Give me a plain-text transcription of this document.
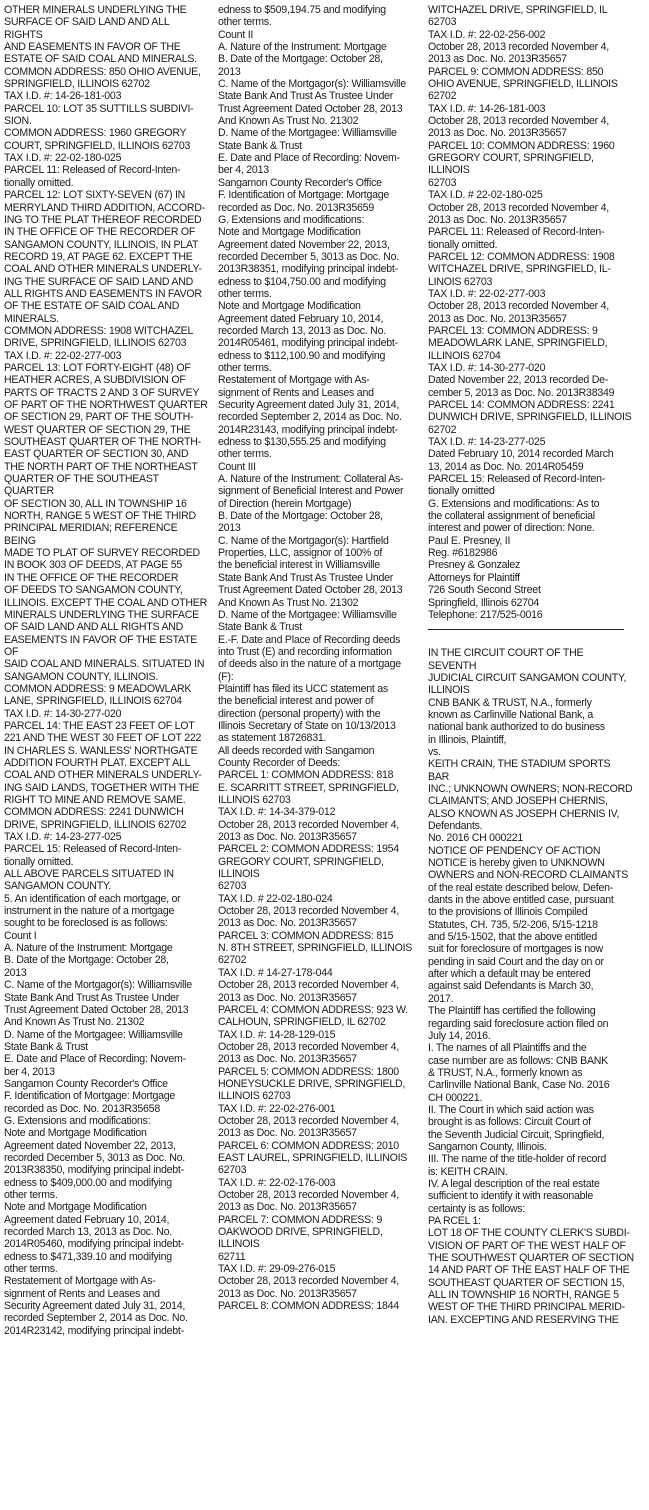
OTHER MINERALS UNDERLYING THE

SURFACE OF SAID LAND AND ALL RIGHTS

AND EASEMENTS IN FAVOR OF THE

ESTATE OF SAID COAL AND MINERALS.

COMMON ADDRESS: 850 OHIO AVENUE,

SPRINGFIELD, ILLINOIS 62702

TAX I.D. #: 14-26-181-003

PARCEL 10: LOT 35 SUTTILLS SUBDIVI-

SION.

COMMON ADDRESS: 1960 GREGORY

COURT, SPRINGFIELD, ILLINOIS 62703

TAX I.D. #: 22-02-180-025

PARCEL 11: Released of Record-Inten-

tionally omitted.

PARCEL 12: LOT SIXTY-SEVEN (67) IN

MERRYLAND THIRD ADDITION, ACCORD-

ING TO THE PLAT THEREOF RECORDED

IN THE OFFICE OF THE RECORDER OF

SANGAMON COUNTY, ILLINOIS, IN PLAT

RECORD 19, AT PAGE 62. EXCEPT THE

COAL AND OTHER MINERALS UNDERLY-

ING THE SURFACE OF SAID LAND AND

ALL RIGHTS AND EASEMENTS IN FAVOR

OF THE ESTATE OF SAID COAL AND

MINERALS.

COMMON ADDRESS: 1908 WITCHAZEL

DRIVE, SPRINGFIELD, ILLINOIS 62703

TAX I.D. #: 22-02-277-003

PARCEL 13: LOT FORTY-EIGHT (48) OF

HEATHER ACRES, A SUBDIVISION OF

PARTS OF TRACTS 2 AND 3 OF SURVEY

OF PART OF THE NORTHWEST QUARTER

OF SECTION 29, PART OF THE SOUTH-

WEST QUARTER OF SECTION 29, THE

SOUTHEAST QUARTER OF THE NORTH-

EAST QUARTER OF SECTION 30, AND

THE NORTH PART OF THE NORTHEAST

QUARTER OF THE SOUTHEAST QUARTER

OF SECTION 30, ALL IN TOWNSHIP 16

NORTH, RANGE 5 WEST OF THE THIRD

PRINCIPAL MERIDIAN; REFERENCE BEING

MADE TO PLAT OF SURVEY RECORDED

IN BOOK 303 OF DEEDS, AT PAGE 55

IN THE OFFICE OF THE RECORDER

OF DEEDS TO SANGAMON COUNTY,

ILLINOIS. EXCEPT THE COAL AND OTHER

MINERALS UNDERLYING THE SURFACE

OF SAID LAND AND ALL RIGHTS AND

EASEMENTS IN FAVOR OF THE ESTATE OF

SAID COAL AND MINERALS. SITUATED IN

SANGAMON COUNTY, ILLINOIS.

COMMON ADDRESS: 9 MEADOWLARK

LANE, SPRINGFIELD, ILLINOIS 62704

TAX I.D. #: 14-30-277-020

PARCEL 14: THE EAST 23 FEET OF LOT

221 AND THE WEST 30 FEET OF LOT 222

IN CHARLES S. WANLESS' NORTHGATE

ADDITION FOURTH PLAT. EXCEPT ALL

COAL AND OTHER MINERALS UNDERLY-

ING SAID LANDS, TOGETHER WITH THE

RIGHT TO MINE AND REMOVE SAME.

COMMON ADDRESS: 2241 DUNWICH

DRIVE, SPRINGFIELD, ILLINOIS 62702

TAX I.D. #: 14-23-277-025

PARCEL 15: Released of Record-Inten-

tionally omitted.

ALL ABOVE PARCELS SITUATED IN

SANGAMON COUNTY.

5. An identification of each mortgage, or

instrument in the nature of a mortgage

sought to be foreclosed is as follows:

Count I

A. Nature of the Instrument: Mortgage

B. Date of the Mortgage: October 28,

2013

C. Name of the Mortgagor(s): Williamsville

State Bank And Trust As Trustee Under

Trust Agreement Dated October 28, 2013

And Known As Trust No. 21302

D. Name of the Mortgagee: Williamsville

State Bank & Trust

E. Date and Place of Recording: Novem-

ber 4, 2013

Sangamon County Recorder's Office

F. Identification of Mortgage: Mortgage

recorded as Doc. No. 2013R35658

G. Extensions and modifications:

Note and Mortgage Modification

Agreement dated November 22, 2013,

recorded December 5, 3013 as Doc. No.

2013R38350, modifying principal indebt-

edness to $409,000.00 and modifying

other terms.

Note and Mortgage Modification

Agreement dated February 10, 2014,

recorded March 13, 2013 as Doc. No.

2014R05460, modifying principal indebt-

edness to $471,339.10 and modifying

other terms.

Restatement of Mortgage with As-

signment of Rents and Leases and

Security Agreement dated July 31, 2014,

recorded September 2, 2014 as Doc. No.

2014R23142, modifying principal indebt-

edness to $509,194.75 and modifying

other terms.

Count II

A. Nature of the Instrument: Mortgage

B. Date of the Mortgage: October 28,

2013

C. Name of the Mortgagor(s): Williamsville

State Bank And Trust As Trustee Under

Trust Agreement Dated October 28, 2013

And Known As Trust No. 21302

D. Name of the Mortgagee: Williamsville

State Bank & Trust

E. Date and Place of Recording: Novem-

ber 4, 2013

Sangamon County Recorder's Office

F. Identification of Mortgage: Mortgage

recorded as Doc. No. 2013R35659

G. Extensions and modifications:

Note and Mortgage Modification

Agreement dated November 22, 2013,

recorded December 5, 3013 as Doc. No.

2013R38351, modifying principal indebt-

edness to $104,750.00 and modifying

other terms.

Note and Mortgage Modification

Agreement dated February 10, 2014,

recorded March 13, 2013 as Doc. No.

2014R05461, modifying principal indebt-

edness to $112,100.90 and modifying

other terms.

Restatement of Mortgage with As-

signment of Rents and Leases and

Security Agreement dated July 31, 2014,

recorded September 2, 2014 as Doc. No.

2014R23143, modifying principal indebt-

edness to $130,555.25 and modifying

other terms.

Count III

A. Nature of the Instrument: Collateral As-

signment of Beneficial Interest and Power

of Direction (herein Mortgage)

B. Date of the Mortgage: October 28,

2013

C. Name of the Mortgagor(s): Hartfield

Properties, LLC, assignor of 100% of

the beneficial interest in Williamsville

State Bank And Trust As Trustee Under

Trust Agreement Dated October 28, 2013

And Known As Trust No. 21302

D. Name of the Mortgagee: Williamsville

State Bank & Trust

E.-F. Date and Place of Recording deeds

into Trust (E) and recording information

of deeds also in the nature of a mortgage

(F):

Plaintiff has filed its UCC statement as

the beneficial interest and power of

direction (personal property) with the

Illinois Secretary of State on 10/13/2013

as statement 18726831.

All deeds recorded with Sangamon

County Recorder of Deeds:

PARCEL 1: COMMON ADDRESS: 818

E. SCARRITT STREET, SPRINGFIELD,

ILLINOIS 62703

TAX I.D. #: 14-34-379-012

October 28, 2013 recorded November 4,

2013 as Doc. No. 2013R35657

PARCEL 2: COMMON ADDRESS: 1954

GREGORY COURT, SPRINGFIELD, ILLINOIS

62703

TAX I.D. # 22-02-180-024

October 28, 2013 recorded November 4,

2013 as Doc. No. 2013R35657

PARCEL 3: COMMON ADDRESS: 815

N. 8TH STREET, SPRINGFIELD, ILLINOIS

62702

TAX I.D. # 14-27-178-044

October 28, 2013 recorded November 4,

2013 as Doc. No. 2013R35657

PARCEL 4: COMMON ADDRESS: 923 W.

CALHOUN, SPRINGFIELD, IL 62702

TAX I.D. #: 14-28-129-015

October 28, 2013 recorded November 4,

2013 as Doc. No. 2013R35657

PARCEL 5: COMMON ADDRESS: 1800

HONEYSUCKLE DRIVE, SPRINGFIELD,

ILLINOIS 62703

TAX I.D. #: 22-02-276-001

October 28, 2013 recorded November 4,

2013 as Doc. No. 2013R35657

PARCEL 6: COMMON ADDRESS: 2010

EAST LAUREL, SPRINGFIELD, ILLINOIS

62703

TAX I.D. #: 22-02-176-003

October 28, 2013 recorded November 4,

2013 as Doc. No. 2013R35657

PARCEL 7: COMMON ADDRESS: 9

OAKWOOD DRIVE, SPRINGFIELD, ILLINOIS

62711

TAX I.D. #: 29-09-276-015

October 28, 2013 recorded November 4,

2013 as Doc. No. 2013R35657

PARCEL 8: COMMON ADDRESS: 1844

WITCHAZEL DRIVE, SPRINGFIELD, IL

62703

TAX I.D. #: 22-02-256-002

October 28, 2013 recorded November 4,

2013 as Doc. No. 2013R35657

PARCEL 9: COMMON ADDRESS: 850

OHIO AVENUE, SPRINGFIELD, ILLINOIS

62702

TAX I.D. #: 14-26-181-003

October 28, 2013 recorded November 4,

2013 as Doc. No. 2013R35657

PARCEL 10: COMMON ADDRESS: 1960

GREGORY COURT, SPRINGFIELD, ILLINOIS

62703

TAX I.D. # 22-02-180-025

October 28, 2013 recorded November 4,

2013 as Doc. No. 2013R35657

PARCEL 11: Released of Record-Inten-

tionally omitted.

PARCEL 12: COMMON ADDRESS: 1908

WITCHAZEL DRIVE, SPRINGFIELD, IL-

LINOIS 62703

TAX I.D. #: 22-02-277-003

October 28, 2013 recorded November 4,

2013 as Doc. No. 2013R35657

PARCEL 13: COMMON ADDRESS: 9

MEADOWLARK LANE, SPRINGFIELD,

ILLINOIS 62704

TAX I.D. #: 14-30-277-020

Dated November 22, 2013 recorded De-

cember 5, 2013 as Doc. No. 2013R38349

PARCEL 14: COMMON ADDRESS: 2241

DUNWICH DRIVE, SPRINGFIELD, ILLINOIS

62702

TAX I.D. #: 14-23-277-025

Dated February 10, 2014 recorded March

13, 2014 as Doc. No. 2014R05459

PARCEL 15: Released of Record-Inten-

tionally omitted

G. Extensions and modifications: As to

the collateral assignment of beneficial

interest and power of direction: None.

Paul E. Presney, II

Reg. #6182986

Presney & Gonzalez

Attorneys for Plaintiff

726 South Second Street

Springfield, Illinois 62704

Telephone: 217/525-0016

IN THE CIRCUIT COURT OF THE SEVENTH

JUDICIAL CIRCUIT SANGAMON COUNTY,

ILLINOIS

CNB BANK & TRUST, N.A., formerly

known as Carlinville National Bank, a

national bank authorized to do business

in Illinois, Plaintiff,

vs.

KEITH CRAIN, THE STADIUM SPORTS BAR

INC.; UNKNOWN OWNERS; NON-RECORD

CLAIMANTS; AND JOSEPH CHERNIS,

ALSO KNOWN AS JOSEPH CHERNIS IV,

Defendants.

No. 2016 CH 000221

NOTICE OF PENDENCY OF ACTION

NOTICE is hereby given to UNKNOWN

OWNERS and NON-RECORD CLAIMANTS

of the real estate described below, Defen-

dants in the above entitled case, pursuant

to the provisions of Illinois Compiled

Statutes, CH. 735, 5/2-206, 5/15-1218

and 5/15-1502, that the above entitled

suit for foreclosure of mortgages is now

pending in said Court and the day on or

after which a default may be entered

against said Defendants is March 30,

2017.

The Plaintiff has certified the following

regarding said foreclosure action filed on

July 14, 2016.

I. The names of all Plaintiffs and the

case number are as follows: CNB BANK

& TRUST, N.A., formerly known as

Carlinville National Bank, Case No. 2016

CH 000221.

II. The Court in which said action was

brought is as follows: Circuit Court of

the Seventh Judicial Circuit, Springfield,

Sangamon County, Illinois.

III. The name of the title-holder of record

is: KEITH CRAIN.

IV. A legal description of the real estate

sufficient to identify it with reasonable

certainty is as follows:

PA RCEL 1:

LOT 18 OF THE COUNTY CLERK'S SUBDI-

VISION OF PART OF THE WEST HALF OF

THE SOUTHWEST QUARTER OF SECTION

14 AND PART OF THE EAST HALF OF THE

SOUTHEAST QUARTER OF SECTION 15,

ALL IN TOWNSHIP 16 NORTH, RANGE 5

WEST OF THE THIRD PRINCIPAL MERID-

IAN. EXCEPTING AND RESERVING THE
